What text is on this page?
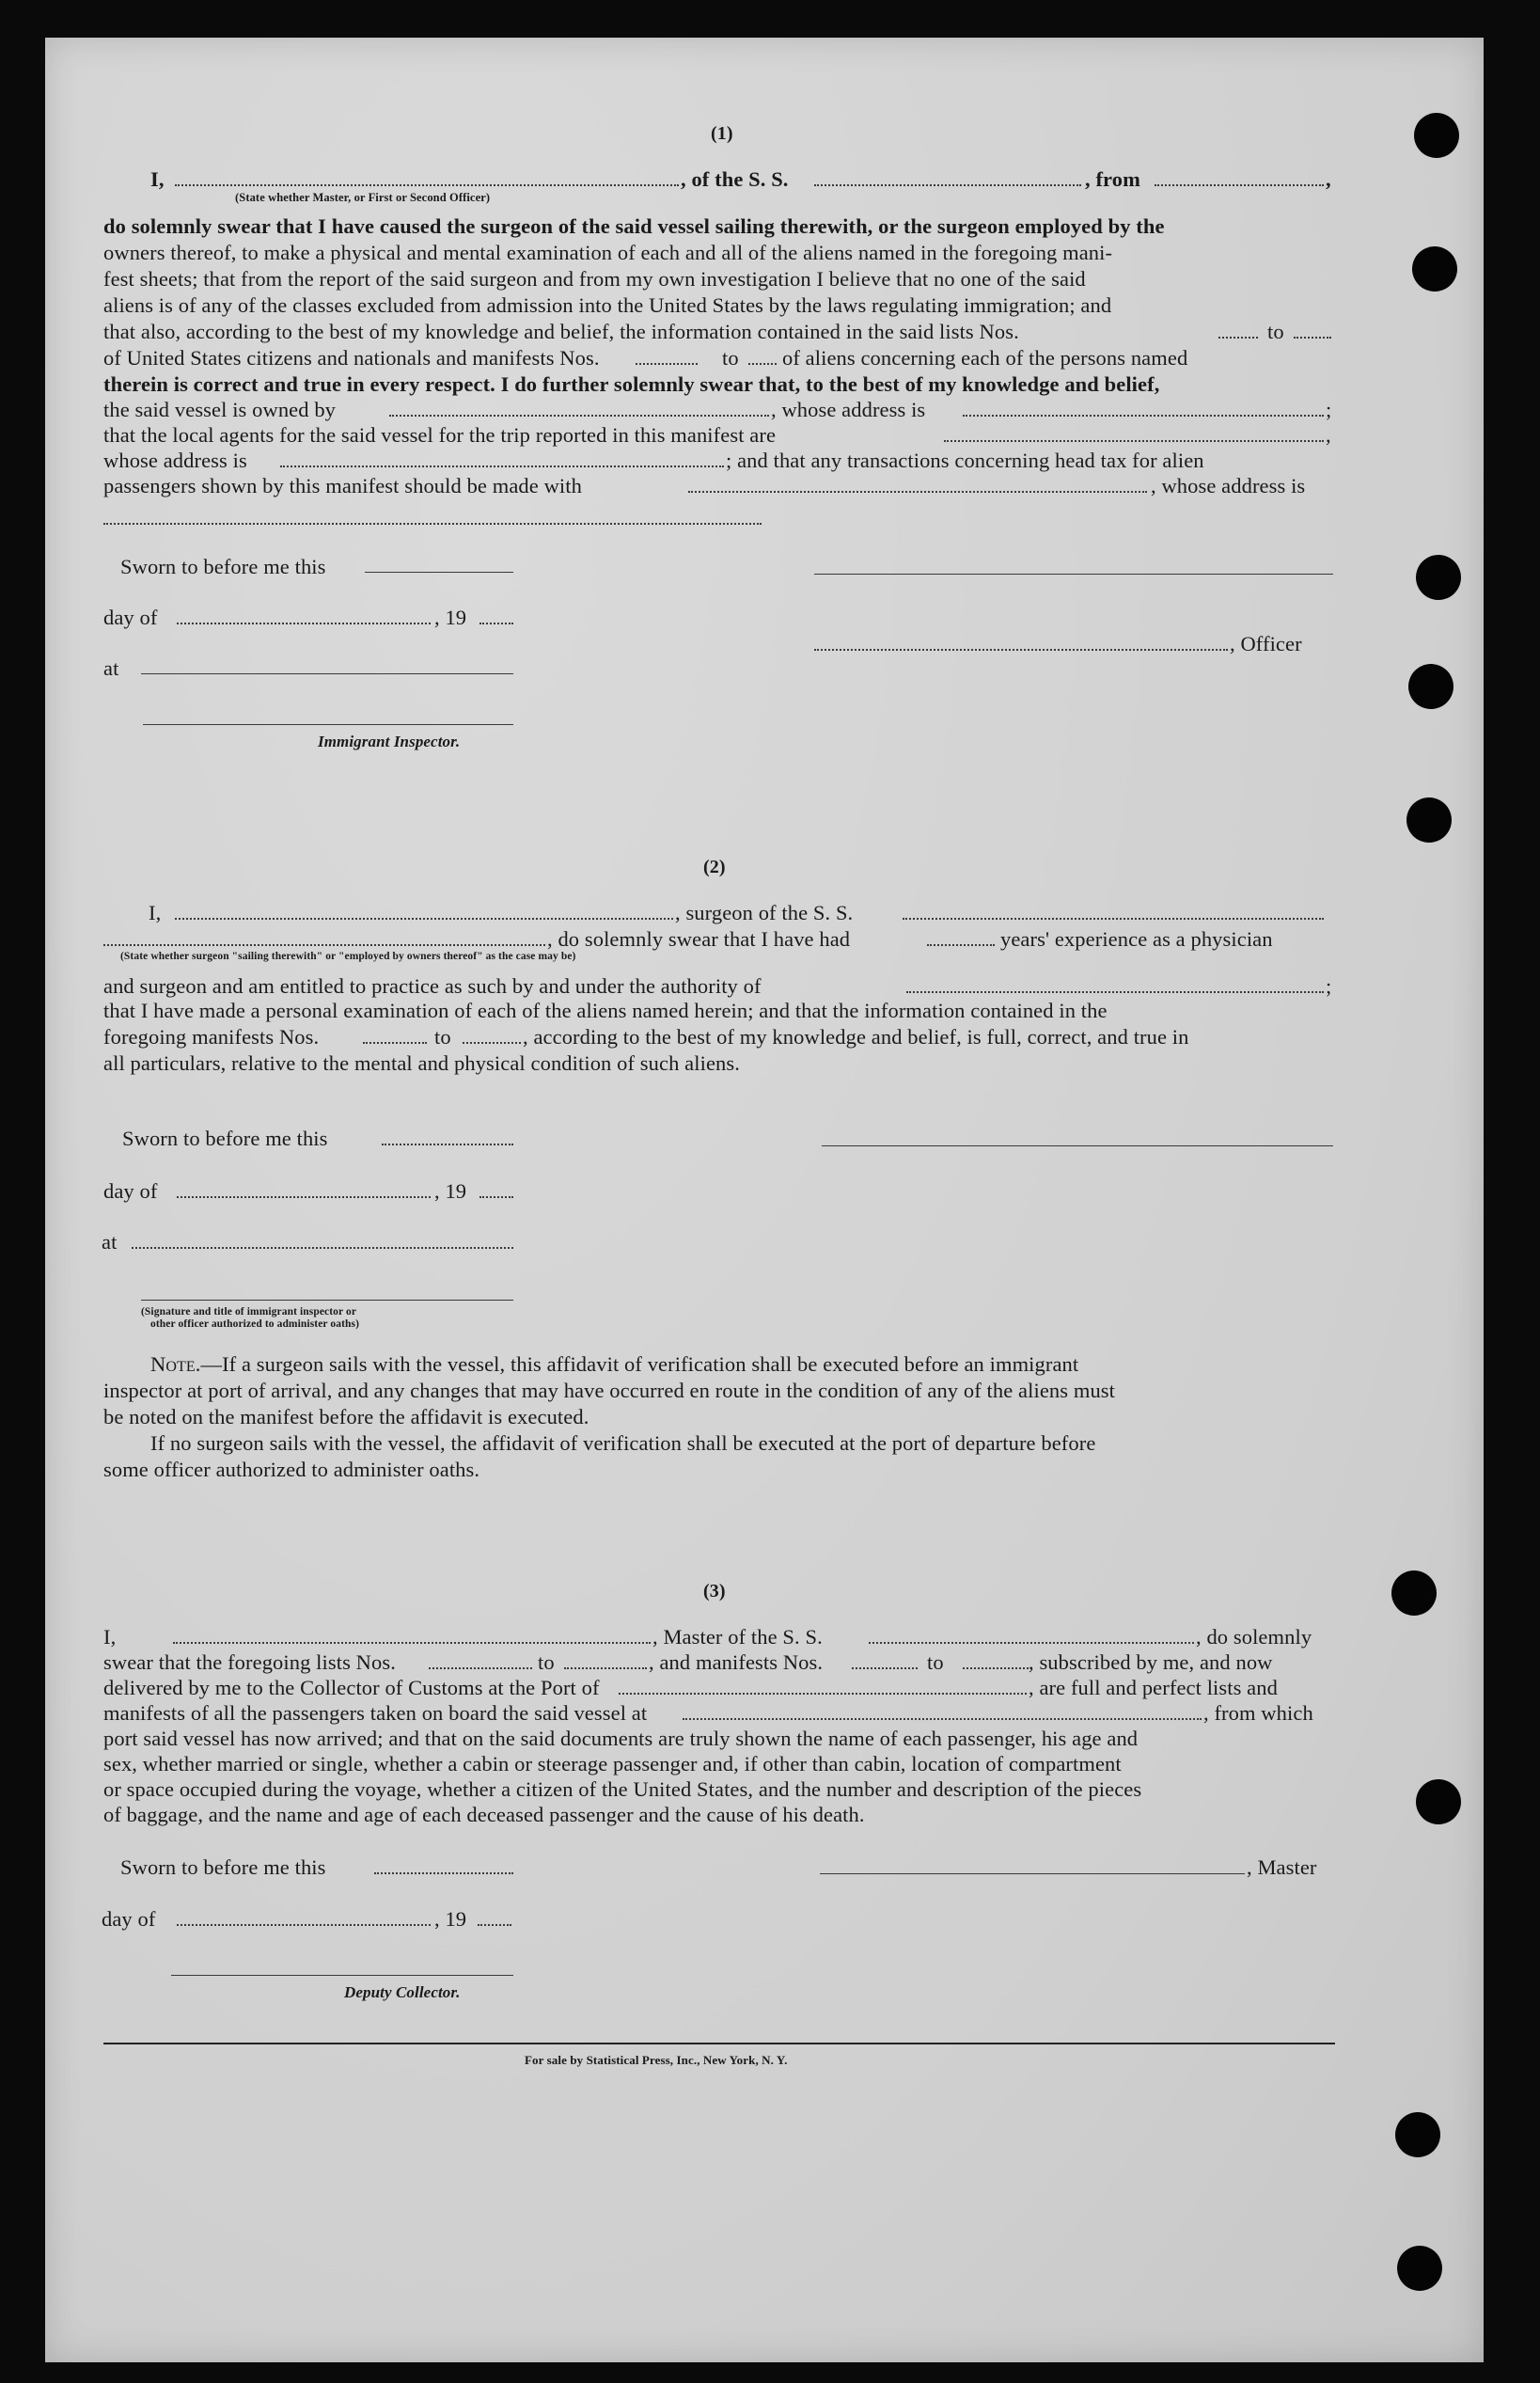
(1)
I,	, of the S. S.	, from	,
(State whether Master, or First or Second Officer)
do solemnly swear that I have caused the surgeon of the said vessel sailing therewith, or the surgeon employed by the
owners thereof, to make a physical and mental examination of each and all of the aliens named in the foregoing mani-
fest sheets; that from the report of the said surgeon and from my own investigation I believe that no one of the said
aliens is of any of the classes excluded from admission into the United States by the laws regulating immigration; and
that also, according to the best of my knowledge and belief, the information contained in the said lists Nos.	to
of United States citizens and nationals and manifests Nos.	to of aliens concerning each of the persons named
therein is correct and true in every respect. I do further solemnly swear that, to the best of my knowledge and belief,
the said vessel is owned by	, whose address is	;
that the local agents for the said vessel for the trip reported in this manifest are	,
whose address is	; and that any transactions concerning head tax for alien
passengers shown by this manifest should be made with	, whose address is
Sworn to before me this
day of	, 19
, Officer
at
Immigrant Inspector.
(2)
I,	, surgeon of the S. S.
, do solemnly swear that I have had	years' experience as a physician
(State whether surgeon "sailing therewith" or "employed by owners thereof" as the case may be)
and surgeon and am entitled to practice as such by and under the authority of	;
that I have made a personal examination of each of the aliens named herein; and that the information contained in the
foregoing manifests Nos.	to	, according to the best of my knowledge and belief, is full, correct, and true in
all particulars, relative to the mental and physical condition of such aliens.
Sworn to before me this
day of	, 19
at
(Signature and title of immigrant inspector or
other officer authorized to administer oaths)
Note.—If a surgeon sails with the vessel, this affidavit of verification shall be executed before an immigrant
inspector at port of arrival, and any changes that may have occurred en route in the condition of any of the aliens must
be noted on the manifest before the affidavit is executed.
If no surgeon sails with the vessel, the affidavit of verification shall be executed at the port of departure before
some officer authorized to administer oaths.
(3)
I,	, Master of the S. S.	, do solemnly
swear that the foregoing lists Nos.	to	, and manifests Nos.	to	, subscribed by me, and now
delivered by me to the Collector of Customs at the Port of	, are full and perfect lists and
manifests of all the passengers taken on board the said vessel at	, from which
port said vessel has now arrived; and that on the said documents are truly shown the name of each passenger, his age and
sex, whether married or single, whether a cabin or steerage passenger and, if other than cabin, location of compartment
or space occupied during the voyage, whether a citizen of the United States, and the number and description of the pieces
of baggage, and the name and age of each deceased passenger and the cause of his death.
Sworn to before me this	, Master
day of	, 19
Deputy Collector.
For sale by Statistical Press, Inc., New York, N. Y.
